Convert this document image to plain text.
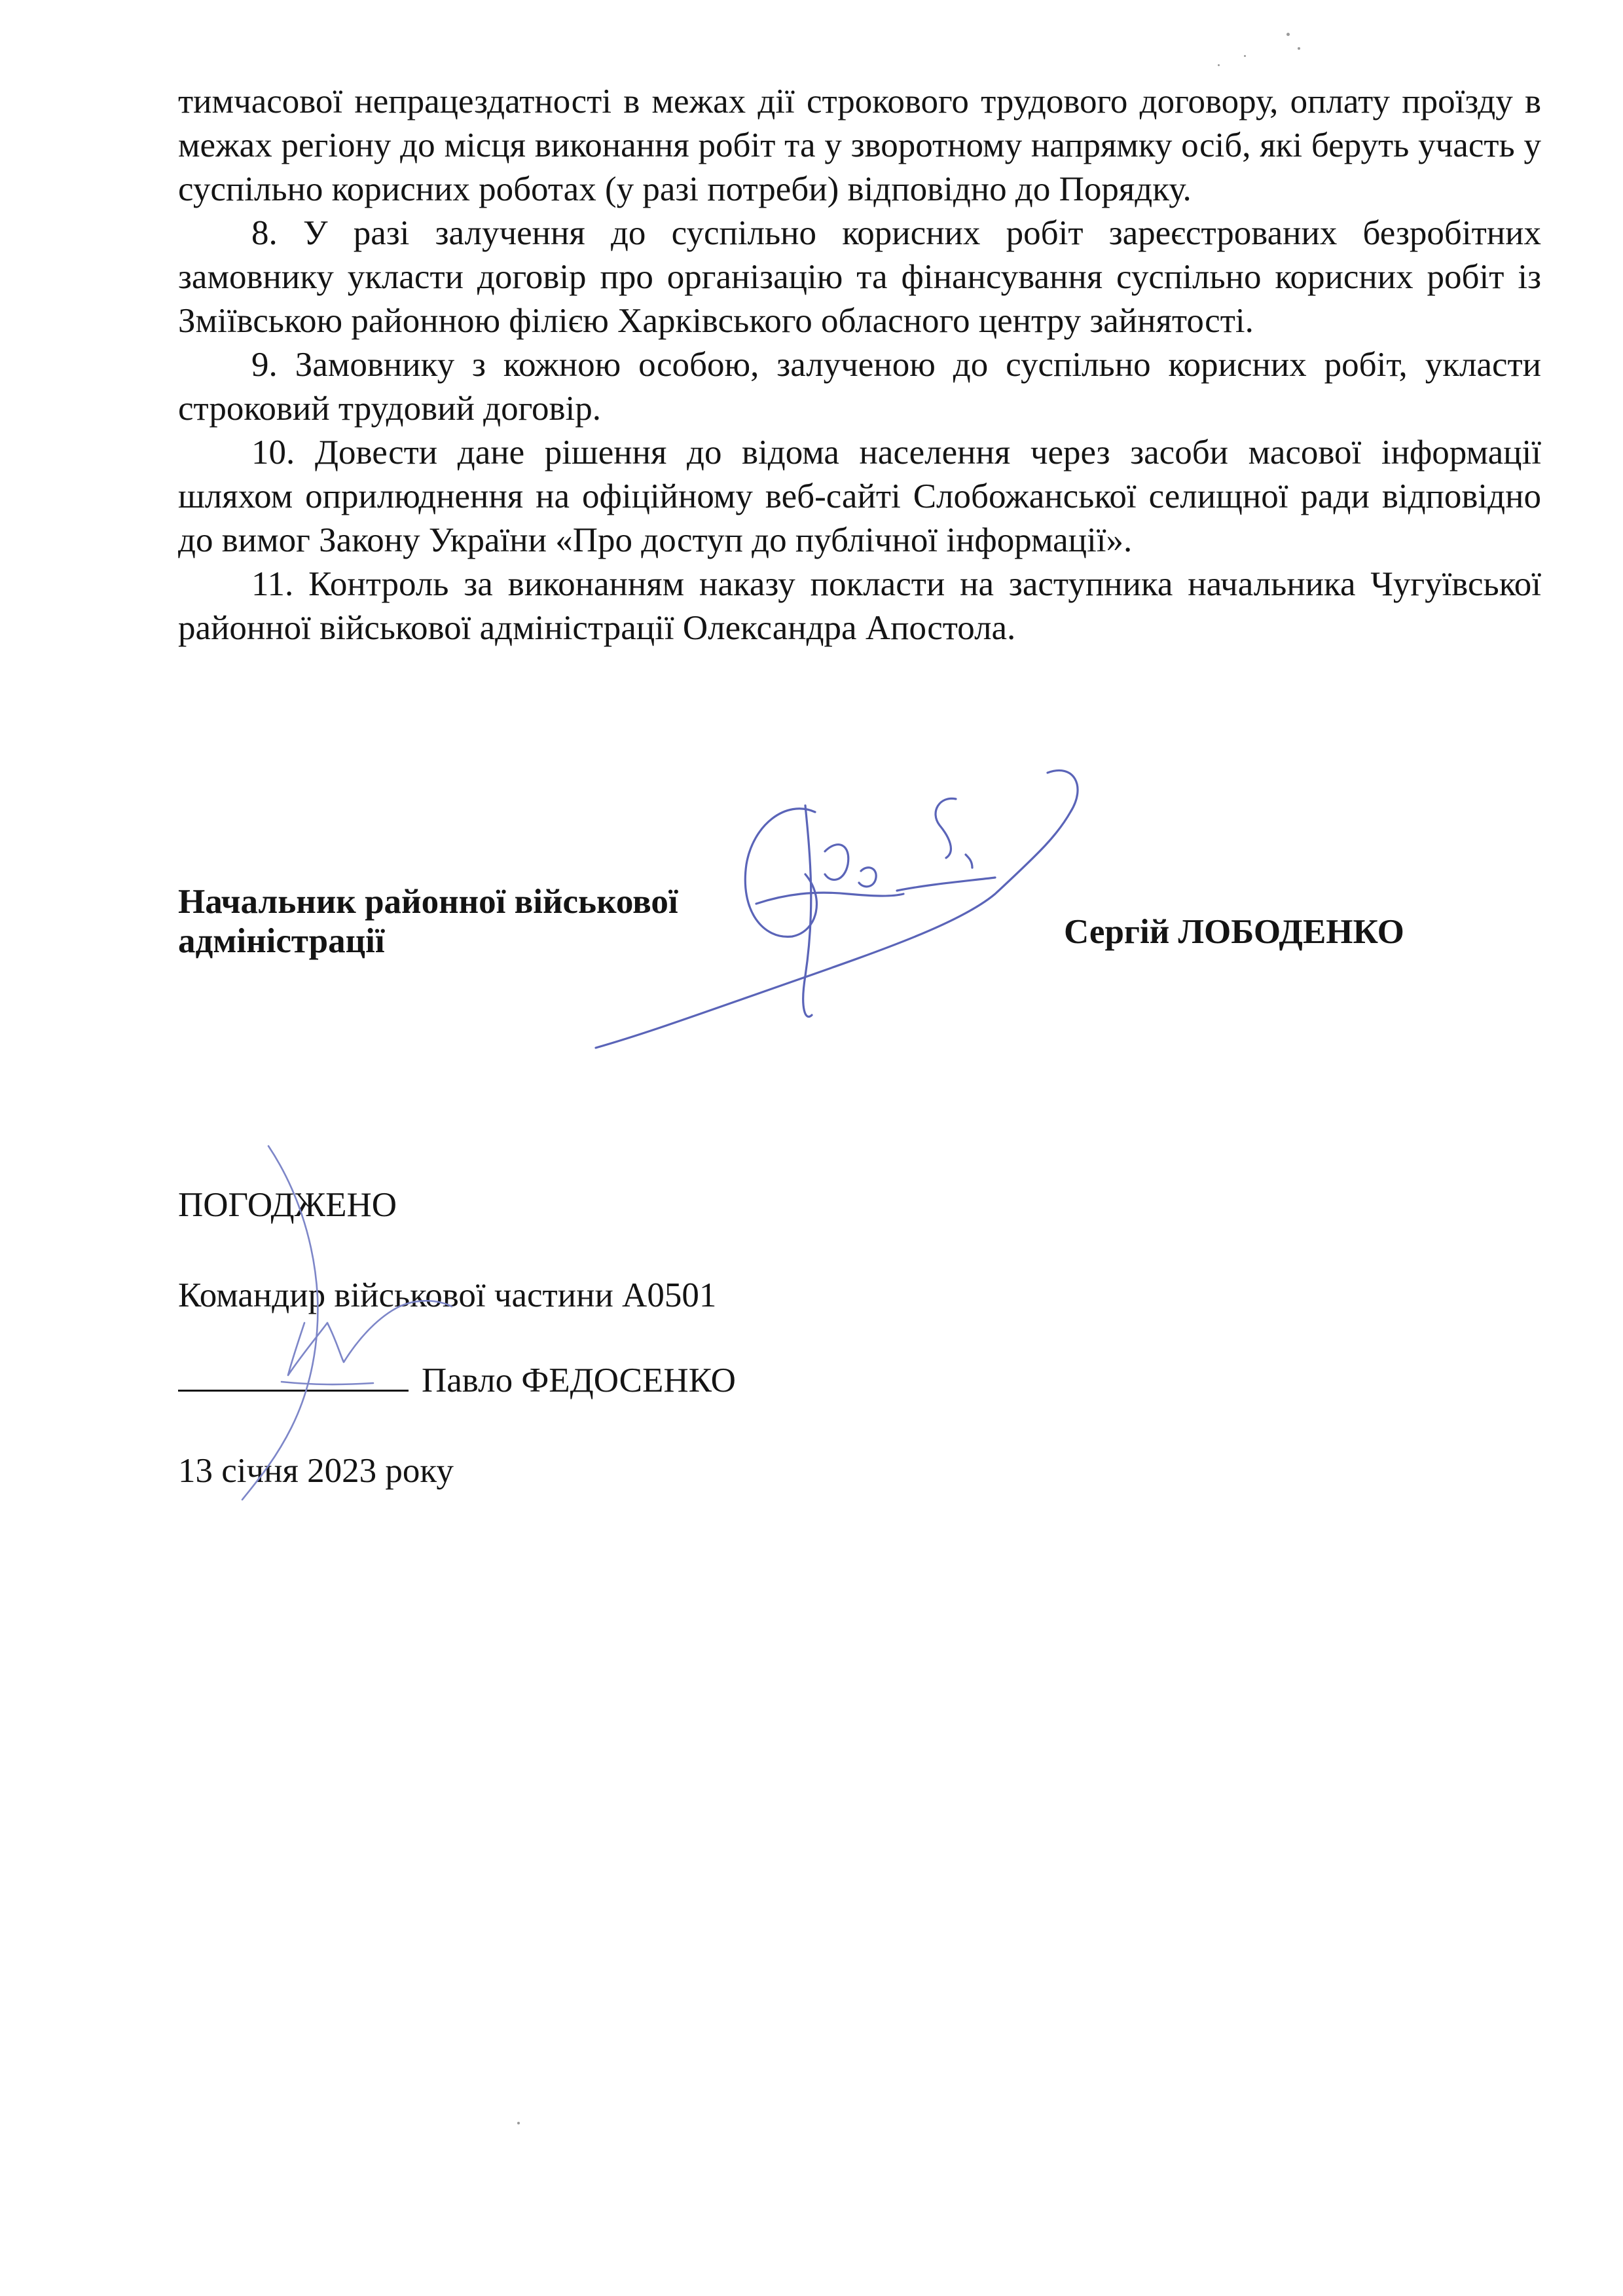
тимчасової непрацездатності в межах дії строкового трудового договору, оплату проїзду в межах регіону до місця виконання робіт та у зворотному напрямку осіб, які беруть участь у суспільно корисних роботах (у разі потреби) відповідно до Порядку.

8. У разі залучення до суспільно корисних робіт зареєстрованих безробітних замовнику укласти договір про організацію та фінансування суспільно корисних робіт із Зміївською районною філією Харківського обласного центру зайнятості.

9. Замовнику з кожною особою, залученою до суспільно корисних робіт, укласти строковий трудовий договір.

10. Довести дане рішення до відома населення через засоби масової інформації шляхом оприлюднення на офіційному веб-сайті Слобожанської селищної ради відповідно до вимог Закону України «Про доступ до публічної інформації».

11. Контроль за виконанням наказу покласти на заступника начальника Чугуївської районної військової адміністрації Олександра Апостола.

Начальник районної військової
адміністрації	Сергій ЛОБОДЕНКО
ПОГОДЖЕНО
Командир військової частини А0501
Павло ФЕДОСЕНКО
13 січня 2023 року
